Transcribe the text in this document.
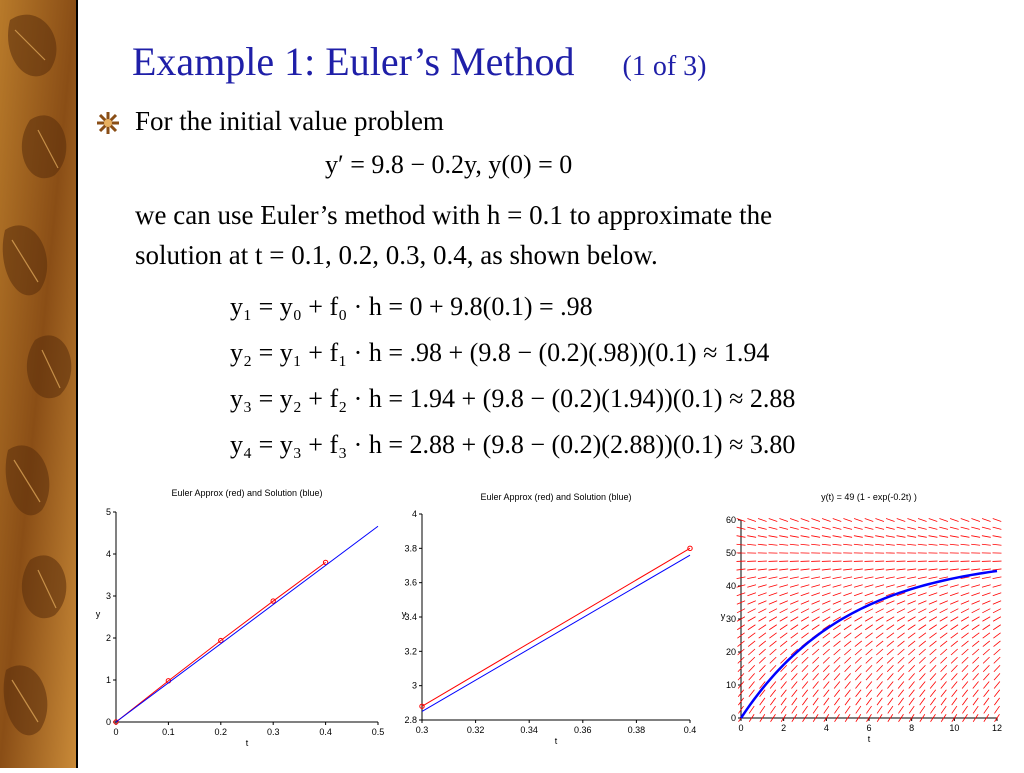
Example 1: Euler’s Method (1 of 3)
For the initial value problem
y′ = 9.8 − 0.2y, y(0) = 0
we can use Euler’s method with h = 0.1 to approximate the
solution at t = 0.1, 0.2, 0.3, 0.4, as shown below.
y₁ = y₀ + f₀ · h = 0 + 9.8(0.1) = .98
y₂ = y₁ + f₁ · h = .98 + (9.8 − (0.2)(.98))(0.1) ≈ 1.94
y₃ = y₂ + f₂ · h = 1.94 + (9.8 − (0.2)(1.94))(0.1) ≈ 2.88
y₄ = y₃ + f₃ · h = 2.88 + (9.8 − (0.2)(2.88))(0.1) ≈ 3.80
Euler Approx (red) and Solution (blue)
0	0.1	0.2	0.3	0.4	0.5
0
1
2
3
4
5
t
y
Euler Approx (red) and Solution (blue)
0.3	0.32	0.34	0.36	0.38	0.4
2.8
3
3.2
3.4
3.6
3.8
4
t
y
y(t) = 49 (1 - exp(-0.2t) )
0	2	4	6	8	10	12
0
10
20
30
40
50
60
t
y
